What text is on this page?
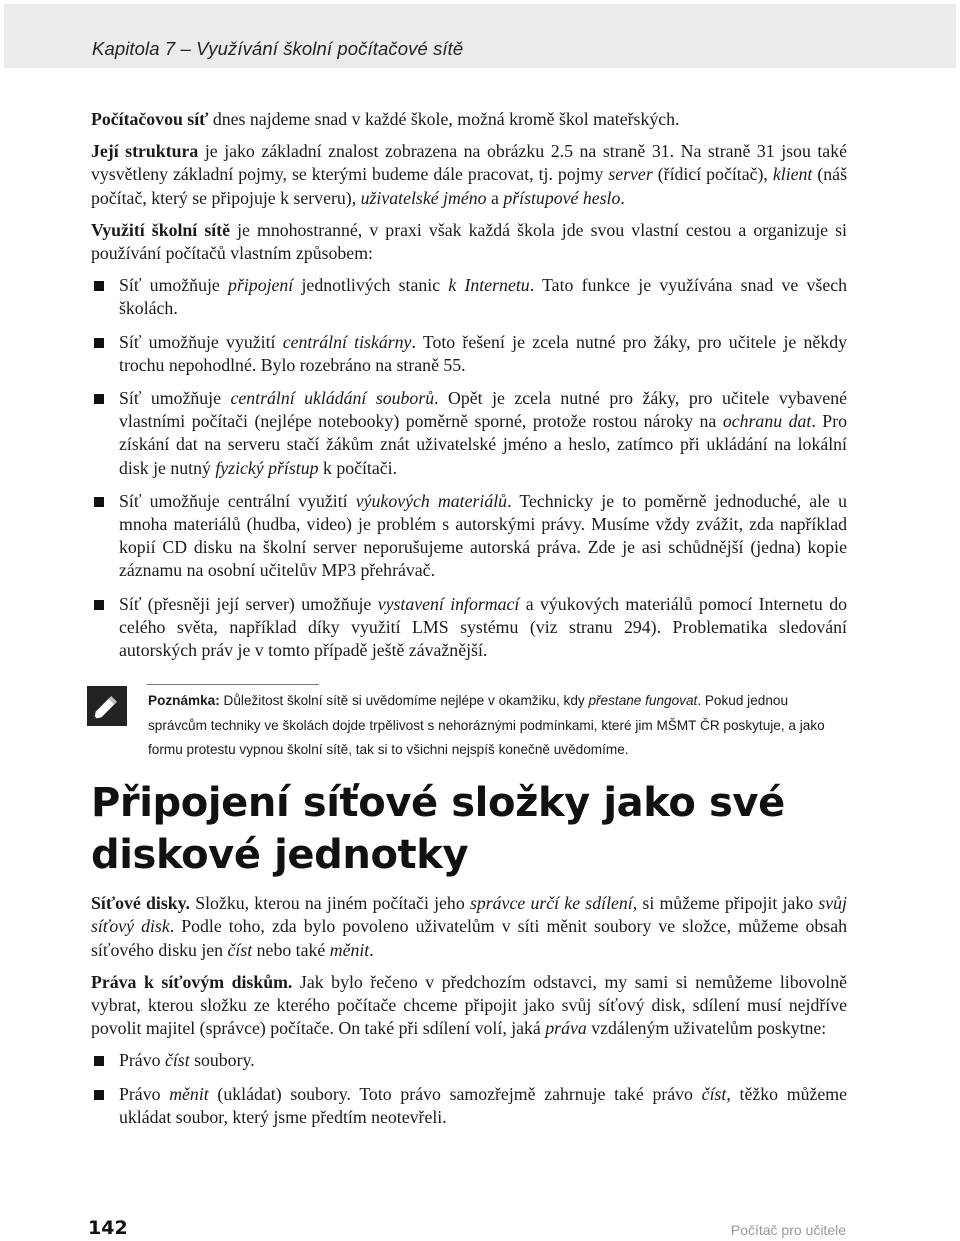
Kapitola 7 – Využívání školní počítačové sítě

Počítačovou síť dnes najdeme snad v každé škole, možná kromě škol mateřských.

Její struktura je jako základní znalost zobrazena na obrázku 2.5 na straně 31. Na straně 31 jsou také vysvětleny základní pojmy, se kterými budeme dále pracovat, tj. pojmy server (řídicí počítač), klient (náš počítač, který se připojuje k serveru), uživatelské jméno a přístupové heslo.

Využití školní sítě je mnohostranné, v praxi však každá škola jde svou vlastní cestou a organizuje si používání počítačů vlastním způsobem:

Síť umožňuje připojení jednotlivých stanic k Internetu. Tato funkce je využívána snad ve všech školách.
Síť umožňuje využití centrální tiskárny. Toto řešení je zcela nutné pro žáky, pro učitele je někdy trochu nepohodlné. Bylo rozebráno na straně 55.
Síť umožňuje centrální ukládání souborů. Opět je zcela nutné pro žáky, pro učitele vybavené vlastními počítači (nejlépe notebooky) poměrně sporné, protože rostou nároky na ochranu dat. Pro získání dat na serveru stačí žákům znát uživatelské jméno a heslo, zatímco při ukládání na lokální disk je nutný fyzický přístup k počítači.
Síť umožňuje centrální využití výukových materiálů. Technicky je to poměrně jednoduché, ale u mnoha materiálů (hudba, video) je problém s autorskými právy. Musíme vždy zvážit, zda například kopií CD disku na školní server neporušujeme autorská práva. Zde je asi schůdnější (jedna) kopie záznamu na osobní učitelův MP3 přehrávač.
Síť (přesněji její server) umožňuje vystavení informací a výukových materiálů pomocí Internetu do celého světa, například díky využití LMS systému (viz stranu 294). Problematika sledování autorských práv je v tomto případě ještě závažnější.
Poznámka: Důležitost školní sítě si uvědomíme nejlépe v okamžiku, kdy přestane fungovat. Pokud jednou správcům techniky ve školách dojde trpělivost s nehoráznými podmínkami, které jim MŠMT ČR poskytuje, a jako formu protestu vypnou školní sítě, tak si to všichni nejspíš konečně uvědomíme.
Připojení síťové složky jako své diskové jednotky

Síťové disky. Složku, kterou na jiném počítači jeho správce určí ke sdílení, si můžeme připojit jako svůj síťový disk. Podle toho, zda bylo povoleno uživatelům v síti měnit soubory ve složce, můžeme obsah síťového disku jen číst nebo také měnit.

Práva k síťovým diskům. Jak bylo řečeno v předchozím odstavci, my sami si nemůžeme libovolně vybrat, kterou složku ze kterého počítače chceme připojit jako svůj síťový disk, sdílení musí nejdříve povolit majitel (správce) počítače. On také při sdílení volí, jaká práva vzdáleným uživatelům poskytne:

Právo číst soubory.
Právo měnit (ukládat) soubory. Toto právo samozřejmě zahrnuje také právo číst, těžko můžeme ukládat soubor, který jsme předtím neotevřeli.
142	Počítač pro učitele
